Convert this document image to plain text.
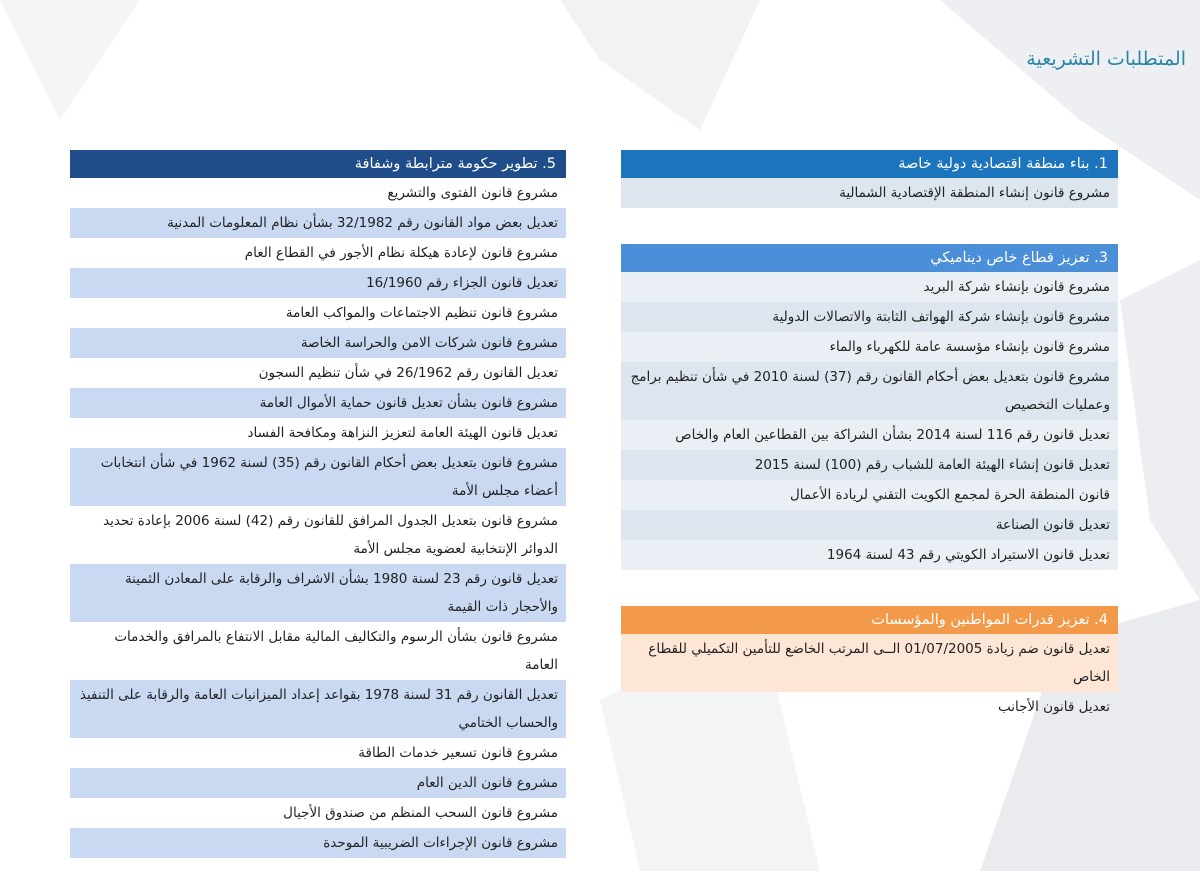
المتطلبات التشريعية
1. بناء منطقة اقتصادية دولية خاصة
مشروع قانون إنشاء المنطقة الإقتصادية الشمالية
3. تعزيز قطاع خاص ديناميكي
مشروع قانون بإنشاء شركة البريد
مشروع قانون بإنشاء شركة الهواتف الثابتة والاتصالات الدولية
مشروع قانون بإنشاء مؤسسة عامة للكهرباء والماء
مشروع قانون بتعديل بعض أحكام القانون رقم (37) لسنة 2010 في شأن تنظيم برامج وعمليات التخصيص
تعديل قانون رقم 116 لسنة 2014 بشأن الشراكة بين القطاعين العام والخاص
تعديل قانون إنشاء الهيئة العامة للشباب رقم (100) لسنة 2015
قانون المنطقة الحرة لمجمع الكويت التقني لريادة الأعمال
تعديل قانون الصناعة
تعديل قانون الاستيراد الكويتي رقم 43 لسنة 1964
4. تعزيز قدرات المواطنين والمؤسسات
تعديل قانون ضم زيادة 01/07/2005 الــى المرتب الخاضع للتأمين التكميلي للقطاع الخاص
تعديل قانون الأجانب
5. تطوير حكومة مترابطة وشفافة
مشروع قانون الفتوى والتشريع
تعديل بعض مواد القانون رقم 32/1982 بشأن نظام المعلومات المدنية
مشروع قانون لإعادة هيكلة نظام الأجور في القطاع العام
تعديل قانون الجزاء رقم 16/1960
مشروع قانون تنظيم الاجتماعات والمواكب العامة
مشروع قانون شركات الامن والحراسة الخاصة
تعديل القانون رقم 26/1962 في شأن تنظيم السجون
مشروع قانون بشأن تعديل قانون حماية الأموال العامة
تعديل قانون الهيئة العامة لتعزيز النزاهة ومكافحة الفساد
مشروع قانون بتعديل بعض أحكام القانون رقم (35) لسنة 1962 في شأن انتخابات أعضاء مجلس الأمة
مشروع قانون بتعديل الجدول المرافق للقانون رقم (42) لسنة 2006 بإعادة تحديد الدوائر الإنتخابية لعضوية مجلس الأمة
تعديل قانون رقم 23 لسنة 1980 بشأن الاشراف والرقابة على المعادن الثمينة والأحجار ذات القيمة
مشروع قانون بشأن الرسوم والتكاليف المالية مقابل الانتفاع بالمرافق والخدمات العامة
تعديل القانون رقم 31 لسنة 1978 بقواعد إعداد الميزانيات العامة والرقابة على التنفيذ والحساب الختامي
مشروع قانون تسعير خدمات الطاقة
مشروع قانون الدين العام
مشروع قانون السحب المنظم من صندوق الأجيال
مشروع قانون الإجراءات الضريبية الموحدة
